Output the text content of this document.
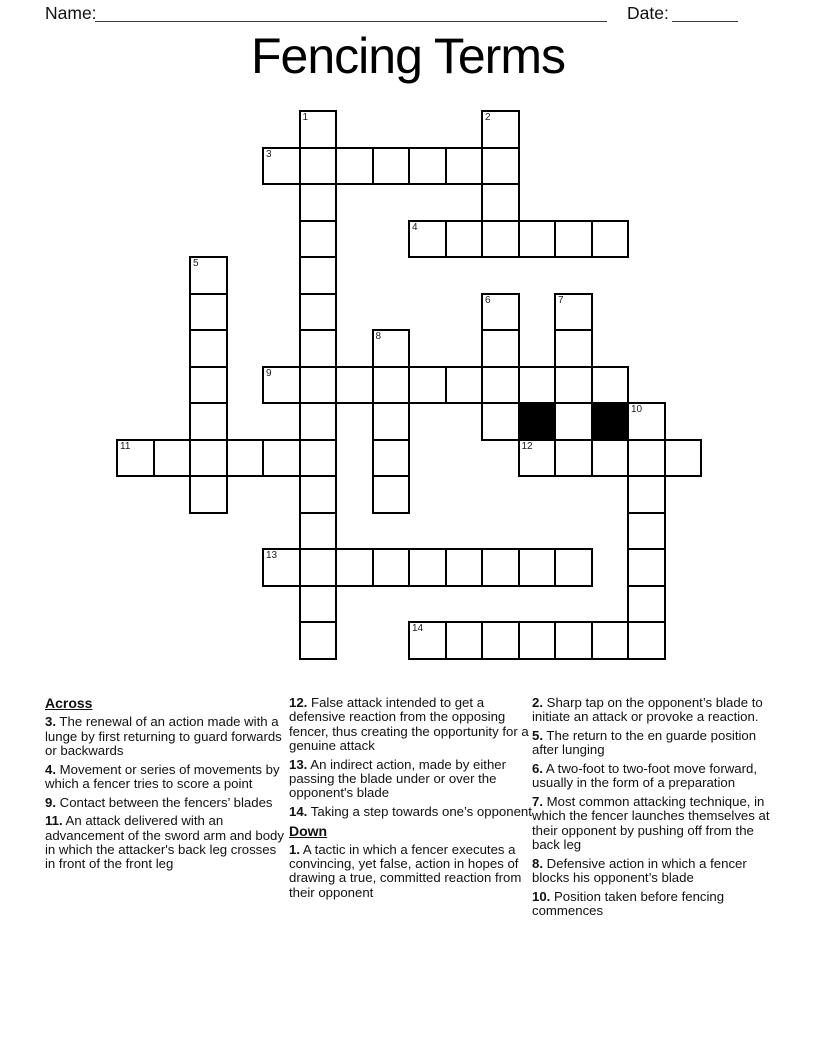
Name:	Date:
Fencing Terms
1	2
3
4
5
6	7
8
9
10
11	12
13
14
Across

3. The renewal of an action made with a lunge by first returning to guard forwards or backwards

4. Movement or series of movements by which a fencer tries to score a point

9. Contact between the fencers’ blades

11. An attack delivered with an advancement of the sword arm and body in which the attacker's back leg crosses in front of the front leg

12. False attack intended to get a defensive reaction from the opposing fencer, thus creating the opportunity for a genuine attack

13. An indirect action, made by either passing the blade under or over the opponent's blade

14. Taking a step towards one’s opponent

Down

1. A tactic in which a fencer executes a convincing, yet false, action in hopes of drawing a true, committed reaction from their opponent

2. Sharp tap on the opponent’s blade to initiate an attack or provoke a reaction.

5. The return to the en guarde position after lunging

6. A two-foot to two-foot move forward, usually in the form of a preparation

7. Most common attacking technique, in which the fencer launches themselves at their opponent by pushing off from the back leg

8. Defensive action in which a fencer blocks his opponent’s blade

10. Position taken before fencing commences
